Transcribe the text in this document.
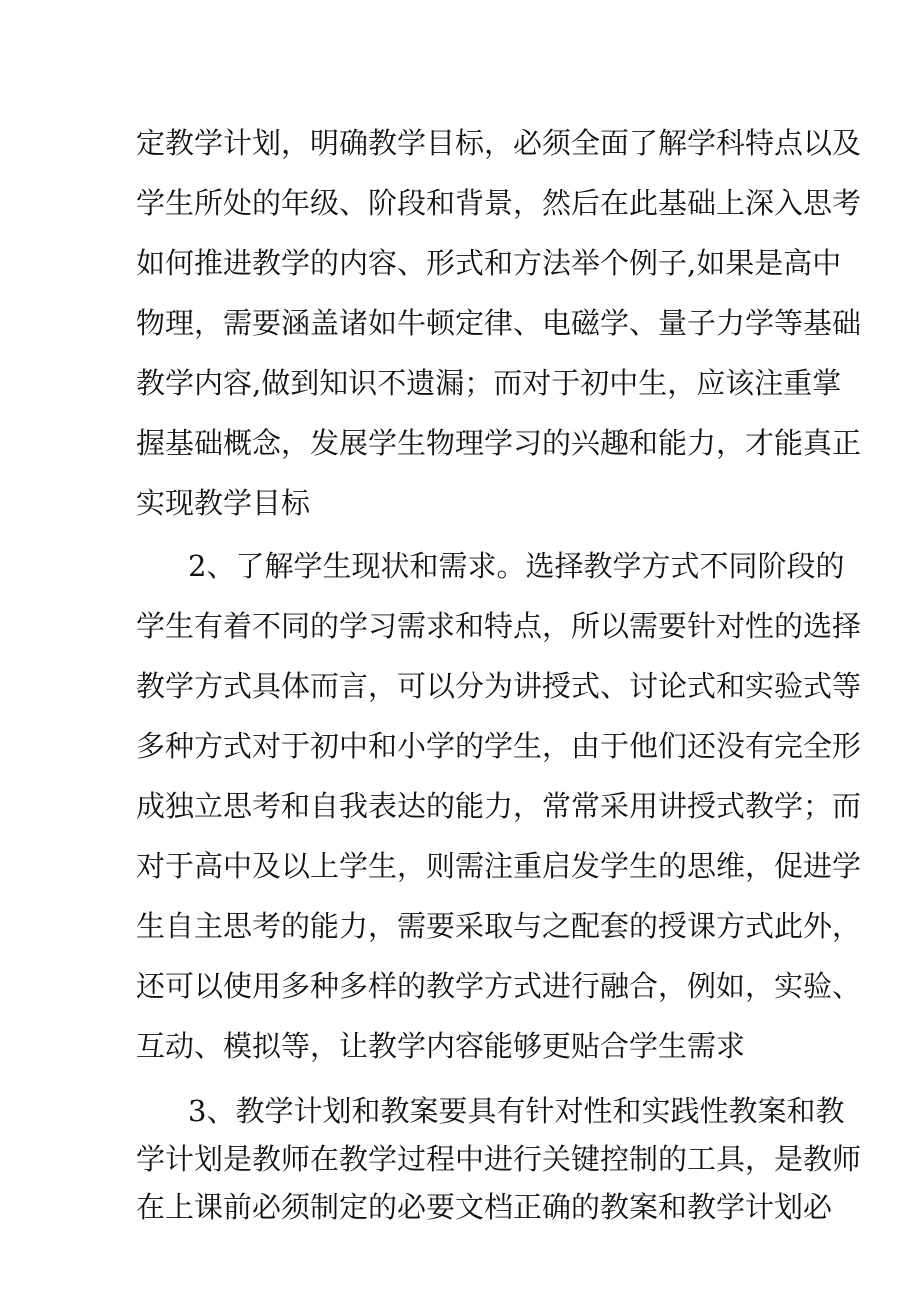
定教学计划，明确教学目标，必须全面了解学科特点以及

学生所处的年级、阶段和背景，然后在此基础上深入思考

如何推进教学的内容、形式和方法举个例子,如果是高中

物理，需要涵盖诸如牛顿定律、电磁学、量子力学等基础

教学内容,做到知识不遗漏；而对于初中生，应该注重掌

握基础概念，发展学生物理学习的兴趣和能力，才能真正

实现教学目标

2、了解学生现状和需求。选择教学方式不同阶段的

学生有着不同的学习需求和特点，所以需要针对性的选择

教学方式具体而言，可以分为讲授式、讨论式和实验式等

多种方式对于初中和小学的学生，由于他们还没有完全形

成独立思考和自我表达的能力，常常采用讲授式教学；而

对于高中及以上学生，则需注重启发学生的思维，促进学

生自主思考的能力，需要采取与之配套的授课方式此外，

还可以使用多种多样的教学方式进行融合，例如，实验、

互动、模拟等，让教学内容能够更贴合学生需求

3、教学计划和教案要具有针对性和实践性教案和教

学计划是教师在教学过程中进行关键控制的工具，是教师

在上课前必须制定的必要文档正确的教案和教学计划必
